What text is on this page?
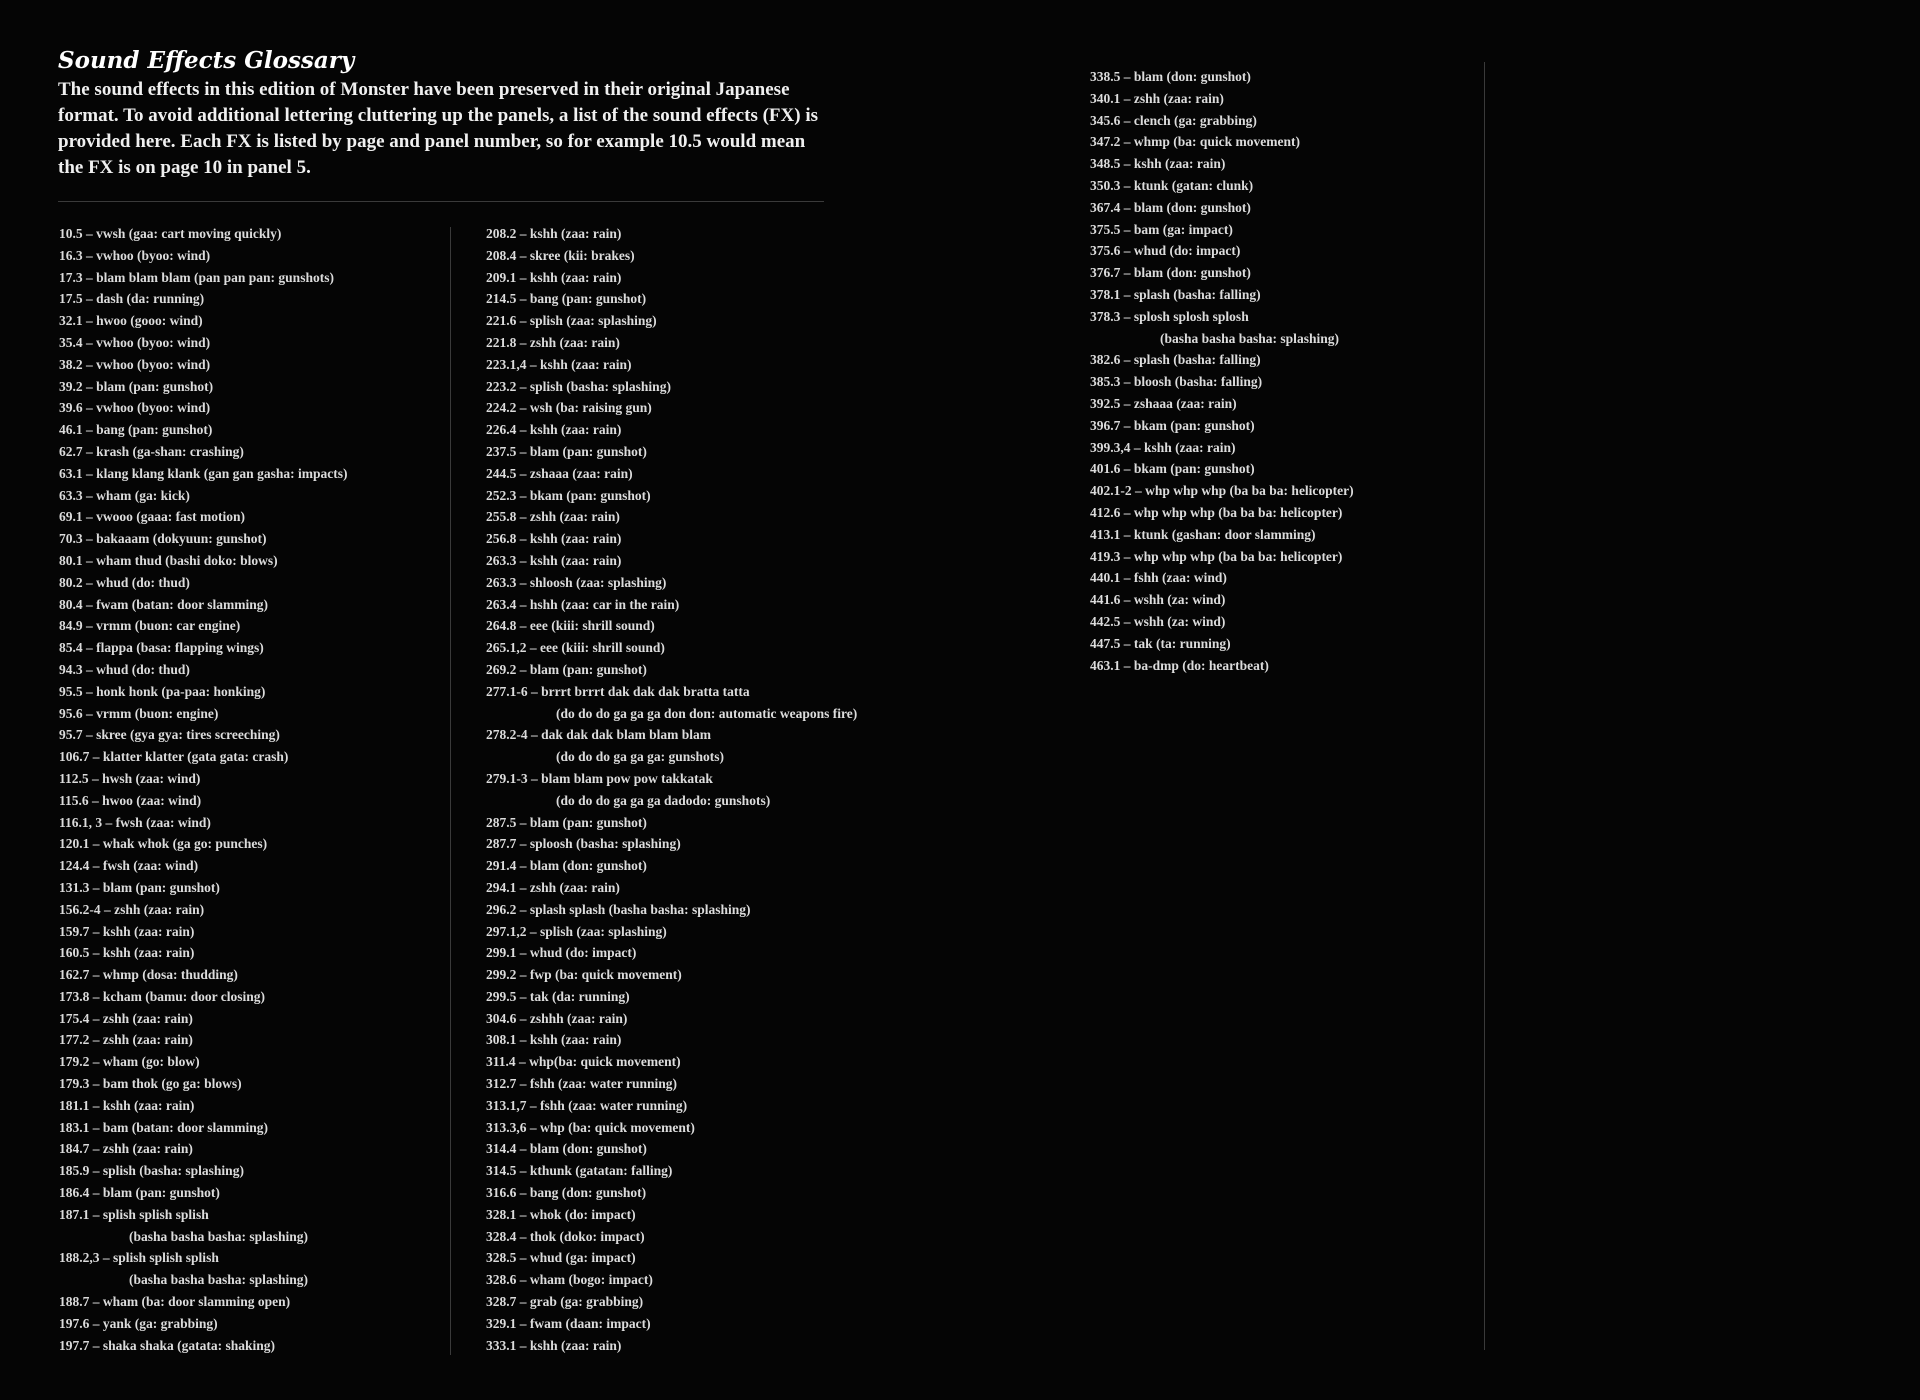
Sound Effects Glossary

The sound effects in this edition of Monster have been preserved in their original Japanese format. To avoid additional lettering cluttering up the panels, a list of the sound effects (FX) is provided here. Each FX is listed by page and panel number, so for example 10.5 would mean the FX is on page 10 in panel 5.

10.5 – vwsh (gaa: cart moving quickly)
16.3 – vwhoo (byoo: wind)
17.3 – blam blam blam (pan pan pan: gunshots)
17.5 – dash (da: running)
32.1 – hwoo (gooo: wind)
35.4 – vwhoo (byoo: wind)
38.2 – vwhoo (byoo: wind)
39.2 – blam (pan: gunshot)
39.6 – vwhoo (byoo: wind)
46.1 – bang (pan: gunshot)
62.7 – krash (ga-shan: crashing)
63.1 – klang klang klank (gan gan gasha: impacts)
63.3 – wham (ga: kick)
69.1 – vwooo (gaaa: fast motion)
70.3 – bakaaam (dokyuun: gunshot)
80.1 – wham thud (bashi doko: blows)
80.2 – whud (do: thud)
80.4 – fwam (batan: door slamming)
84.9 – vrmm (buon: car engine)
85.4 – flappa (basa: flapping wings)
94.3 – whud (do: thud)
95.5 – honk honk (pa-paa: honking)
95.6 – vrmm (buon: engine)
95.7 – skree (gya gya: tires screeching)
106.7 – klatter klatter (gata gata: crash)
112.5 – hwsh (zaa: wind)
115.6 – hwoo (zaa: wind)
116.1, 3 – fwsh (zaa: wind)
120.1 – whak whok (ga go: punches)
124.4 – fwsh (zaa: wind)
131.3 – blam (pan: gunshot)
156.2-4 – zshh (zaa: rain)
159.7 – kshh (zaa: rain)
160.5 – kshh (zaa: rain)
162.7 – whmp (dosa: thudding)
173.8 – kcham (bamu: door closing)
175.4 – zshh (zaa: rain)
177.2 – zshh (zaa: rain)
179.2 – wham (go: blow)
179.3 – bam thok (go ga: blows)
181.1 – kshh (zaa: rain)
183.1 – bam (batan: door slamming)
184.7 – zshh (zaa: rain)
185.9 – splish (basha: splashing)
186.4 – blam (pan: gunshot)
187.1 – splish splish splish
(basha basha basha: splashing)
188.2,3 – splish splish splish
(basha basha basha: splashing)
188.7 – wham (ba: door slamming open)
197.6 – yank (ga: grabbing)
197.7 – shaka shaka (gatata: shaking)
208.2 – kshh (zaa: rain)
208.4 – skree (kii: brakes)
209.1 – kshh (zaa: rain)
214.5 – bang (pan: gunshot)
221.6 – splish (zaa: splashing)
221.8 – zshh (zaa: rain)
223.1,4 – kshh (zaa: rain)
223.2 – splish (basha: splashing)
224.2 – wsh (ba: raising gun)
226.4 – kshh (zaa: rain)
237.5 – blam (pan: gunshot)
244.5 – zshaaa (zaa: rain)
252.3 – bkam (pan: gunshot)
255.8 – zshh (zaa: rain)
256.8 – kshh (zaa: rain)
263.3 – kshh (zaa: rain)
263.3 – shloosh (zaa: splashing)
263.4 – hshh (zaa: car in the rain)
264.8 – eee (kiii: shrill sound)
265.1,2 – eee (kiii: shrill sound)
269.2 – blam (pan: gunshot)
277.1-6 – brrrt brrrt dak dak dak bratta tatta
(do do do ga ga ga don don: automatic weapons fire)
278.2-4 – dak dak dak blam blam blam
(do do do ga ga ga: gunshots)
279.1-3 – blam blam pow pow takkatak
(do do do ga ga ga dadodo: gunshots)
287.5 – blam (pan: gunshot)
287.7 – sploosh (basha: splashing)
291.4 – blam (don: gunshot)
294.1 – zshh (zaa: rain)
296.2 – splash splash (basha basha: splashing)
297.1,2 – splish (zaa: splashing)
299.1 – whud (do: impact)
299.2 – fwp (ba: quick movement)
299.5 – tak (da: running)
304.6 – zshhh (zaa: rain)
308.1 – kshh (zaa: rain)
311.4 – whp(ba: quick movement)
312.7 – fshh (zaa: water running)
313.1,7 – fshh (zaa: water running)
313.3,6 – whp (ba: quick movement)
314.4 – blam (don: gunshot)
314.5 – kthunk (gatatan: falling)
316.6 – bang (don: gunshot)
328.1 – whok (do: impact)
328.4 – thok (doko: impact)
328.5 – whud (ga: impact)
328.6 – wham (bogo: impact)
328.7 – grab (ga: grabbing)
329.1 – fwam (daan: impact)
333.1 – kshh (zaa: rain)
338.5 – blam (don: gunshot)
340.1 – zshh (zaa: rain)
345.6 – clench (ga: grabbing)
347.2 – whmp (ba: quick movement)
348.5 – kshh (zaa: rain)
350.3 – ktunk (gatan: clunk)
367.4 – blam (don: gunshot)
375.5 – bam (ga: impact)
375.6 – whud (do: impact)
376.7 – blam (don: gunshot)
378.1 – splash (basha: falling)
378.3 – splosh splosh splosh
(basha basha basha: splashing)
382.6 – splash (basha: falling)
385.3 – bloosh (basha: falling)
392.5 – zshaaa (zaa: rain)
396.7 – bkam (pan: gunshot)
399.3,4 – kshh (zaa: rain)
401.6 – bkam (pan: gunshot)
402.1-2 – whp whp whp (ba ba ba: helicopter)
412.6 – whp whp whp (ba ba ba: helicopter)
413.1 – ktunk (gashan: door slamming)
419.3 – whp whp whp (ba ba ba: helicopter)
440.1 – fshh (zaa: wind)
441.6 – wshh (za: wind)
442.5 – wshh (za: wind)
447.5 – tak (ta: running)
463.1 – ba-dmp (do: heartbeat)
